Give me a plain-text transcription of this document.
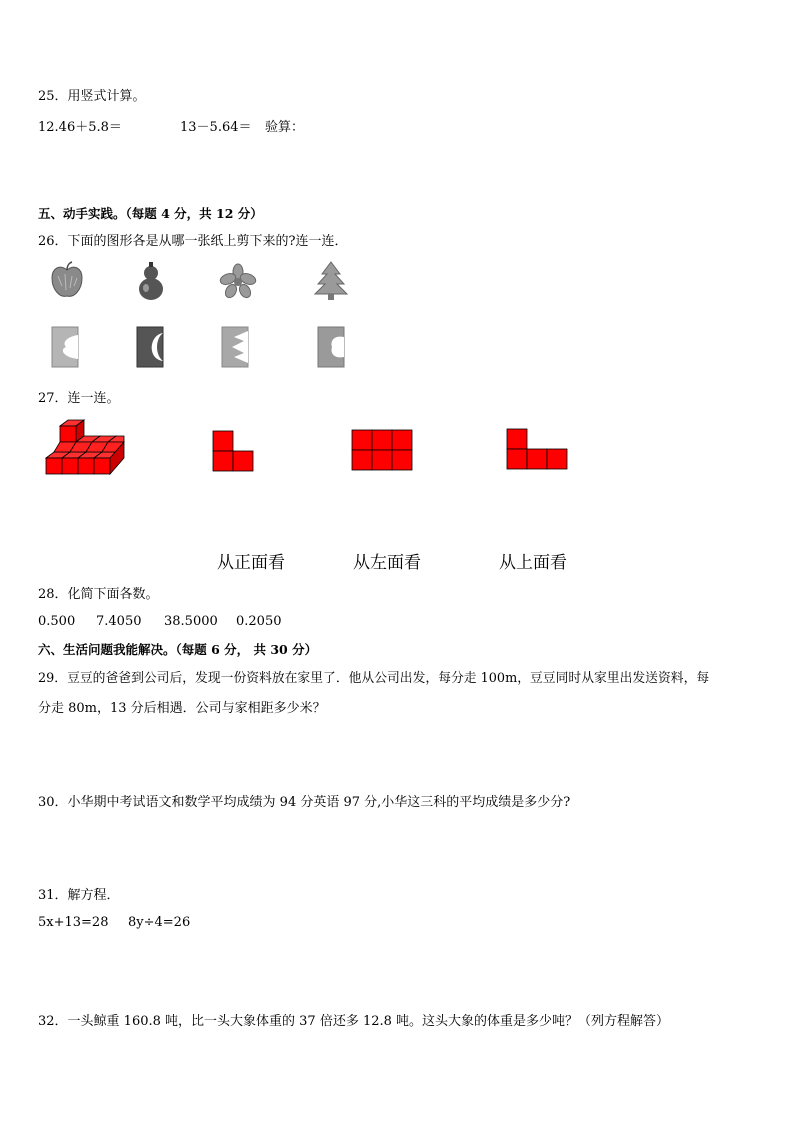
25．用竖式计算。
12.46＋5.8＝	13－5.64＝ 验算：
五、动手实践。（每题 4 分，共 12 分）
26．下面的图形各是从哪一张纸上剪下来的?连一连．
27．连一连。
从正面看	从左面看	从上面看
28．化简下面各数。
0.500 7.4050 38.5000 0.2050
六、生活问题我能解决。（每题 6 分， 共 30 分）
29．豆豆的爸爸到公司后，发现一份资料放在家里了．他从公司出发，每分走 100m，豆豆同时从家里出发送资料，每
分走 80m，13 分后相遇．公司与家相距多少米？
30．小华期中考试语文和数学平均成绩为 94 分英语 97 分,小华这三科的平均成绩是多少分?
31．解方程．
5x+13=28 8y÷4=26
32．一头鲸重 160.8 吨，比一头大象体重的 37 倍还多 12.8 吨。这头大象的体重是多少吨？（列方程解答）
